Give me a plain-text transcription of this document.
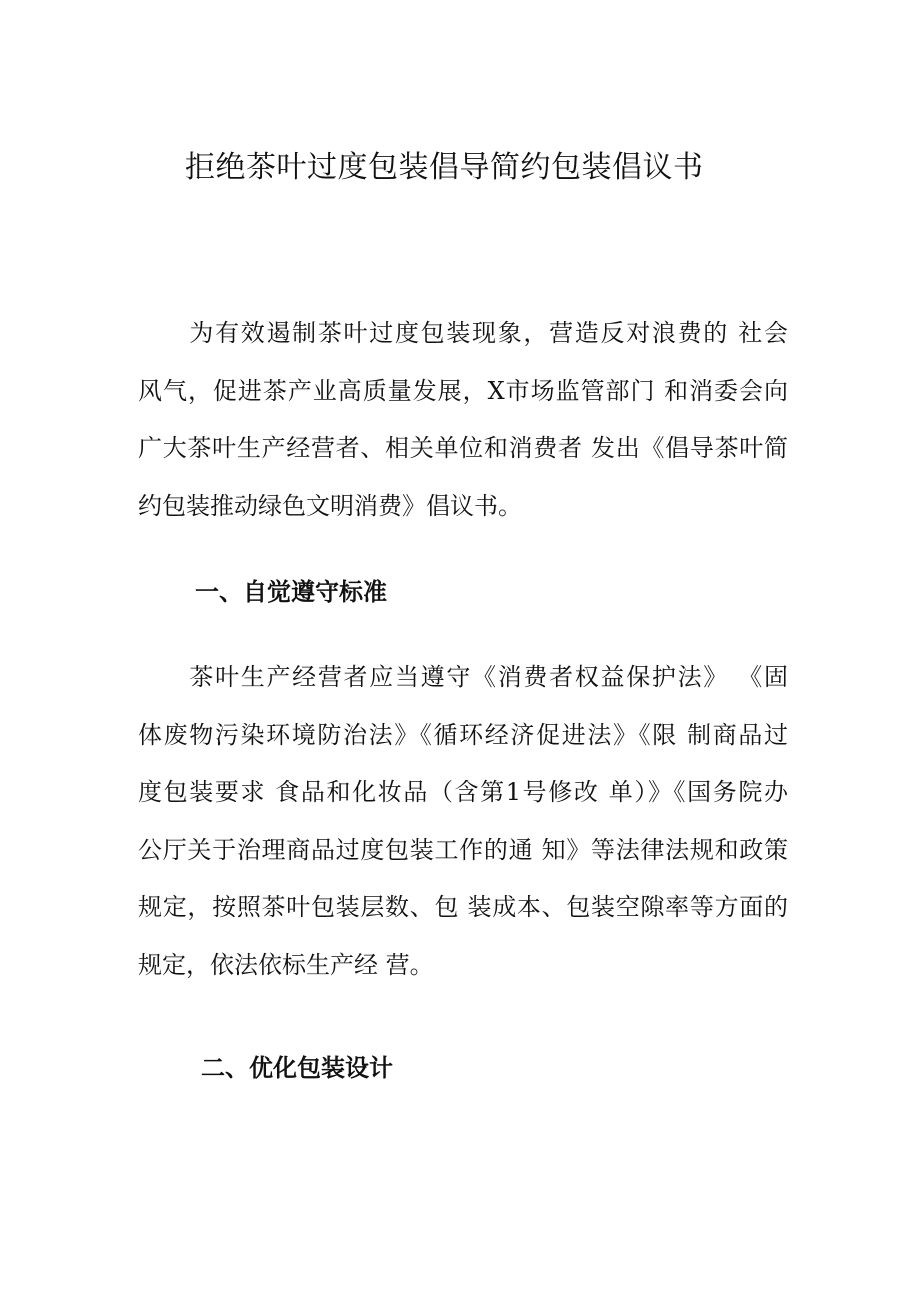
拒绝茶叶过度包装倡导简约包装倡议书
　　为有效遏制茶叶过度包装现象，营造反对浪费的 社会
风气，促进茶产业高质量发展，X市场监管部门 和消委会向
广大茶叶生产经营者、相关单位和消费者 发出《倡导茶叶简
约包装推动绿色文明消费》倡议书。
一、自觉遵守标准
　　茶叶生产经营者应当遵守《消费者权益保护法》 《固
体废物污染环境防治法》《循环经济促进法》《限 制商品过
度包装要求 食品和化妆品（含第1号修改 单）》《国务院办
公厅关于治理商品过度包装工作的通 知》等法律法规和政策
规定，按照茶叶包装层数、包 装成本、包装空隙率等方面的
规定，依法依标生产经 营。
二、优化包装设计
